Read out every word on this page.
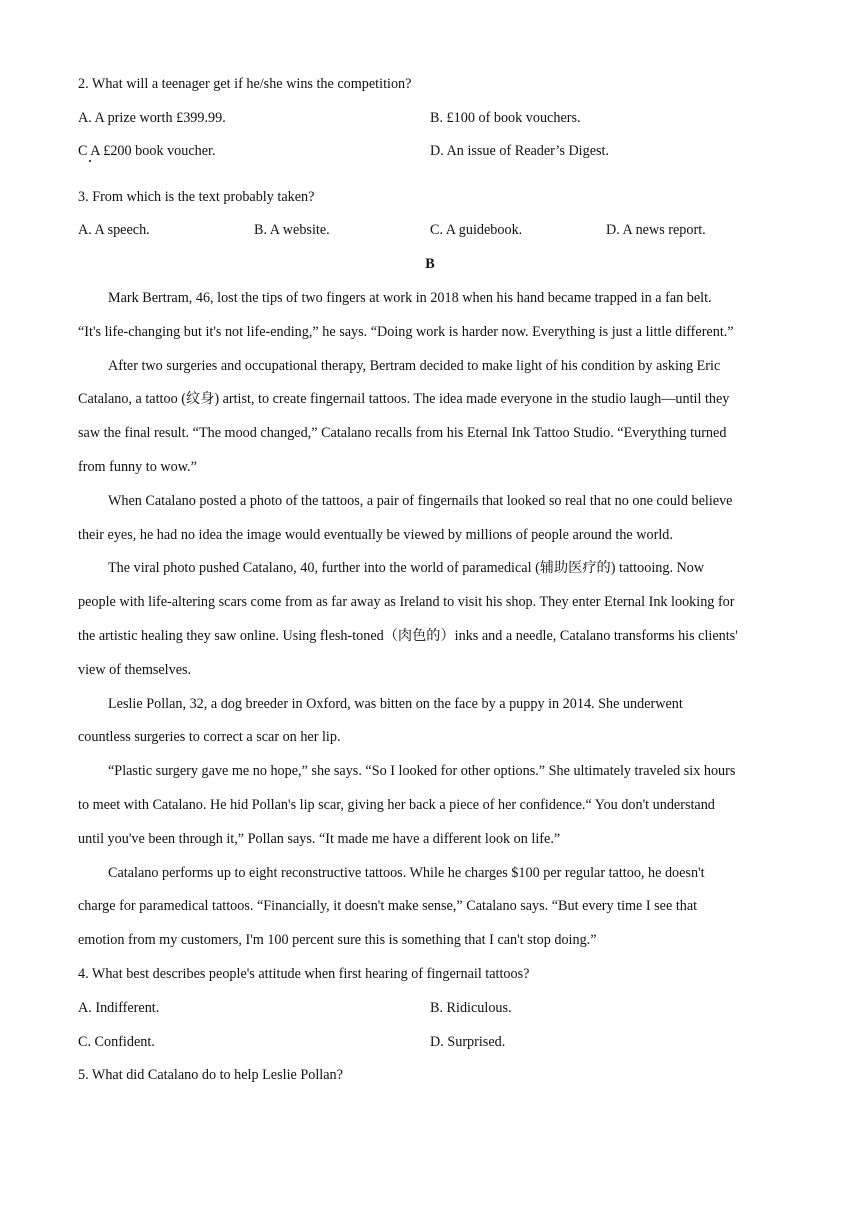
2. What will a teenager get if he/she wins the competition?
A. A prize worth £399.99.	B. £100 of book vouchers.
C A £200 book voucher.	D. An issue of Reader’s Digest.
3. From which is the text probably taken?
A. A speech.	B. A website.	C. A guidebook.	D. A news report.
B
Mark Bertram, 46, lost the tips of two fingers at work in 2018 when his hand became trapped in a fan belt.
“It's life-changing but it's not life-ending,” he says. “Doing work is harder now. Everything is just a little different.”
After two surgeries and occupational therapy, Bertram decided to make light of his condition by asking Eric
Catalano, a tattoo (纹身) artist, to create fingernail tattoos. The idea made everyone in the studio laugh—until they
saw the final result. “The mood changed,” Catalano recalls from his Eternal Ink Tattoo Studio. “Everything turned
from funny to wow.”
When Catalano posted a photo of the tattoos, a pair of fingernails that looked so real that no one could believe
their eyes, he had no idea the image would eventually be viewed by millions of people around the world.
The viral photo pushed Catalano, 40, further into the world of paramedical (辅助医疗的) tattooing. Now
people with life-altering scars come from as far away as Ireland to visit his shop. They enter Eternal Ink looking for
the artistic healing they saw online. Using flesh-toned（肉色的）inks and a needle, Catalano transforms his clients'
view of themselves.
Leslie Pollan, 32, a dog breeder in Oxford, was bitten on the face by a puppy in 2014. She underwent
countless surgeries to correct a scar on her lip.
“Plastic surgery gave me no hope,” she says. “So I looked for other options.” She ultimately traveled six hours
to meet with Catalano. He hid Pollan's lip scar, giving her back a piece of her confidence.“ You don't understand
until you've been through it,” Pollan says. “It made me have a different look on life.”
Catalano performs up to eight reconstructive tattoos. While he charges $100 per regular tattoo, he doesn't
charge for paramedical tattoos. “Financially, it doesn't make sense,” Catalano says. “But every time I see that
emotion from my customers, I'm 100 percent sure this is something that I can't stop doing.”
4. What best describes people's attitude when first hearing of fingernail tattoos?
A. Indifferent.	B. Ridiculous.
C. Confident.	D. Surprised.
5. What did Catalano do to help Leslie Pollan?
